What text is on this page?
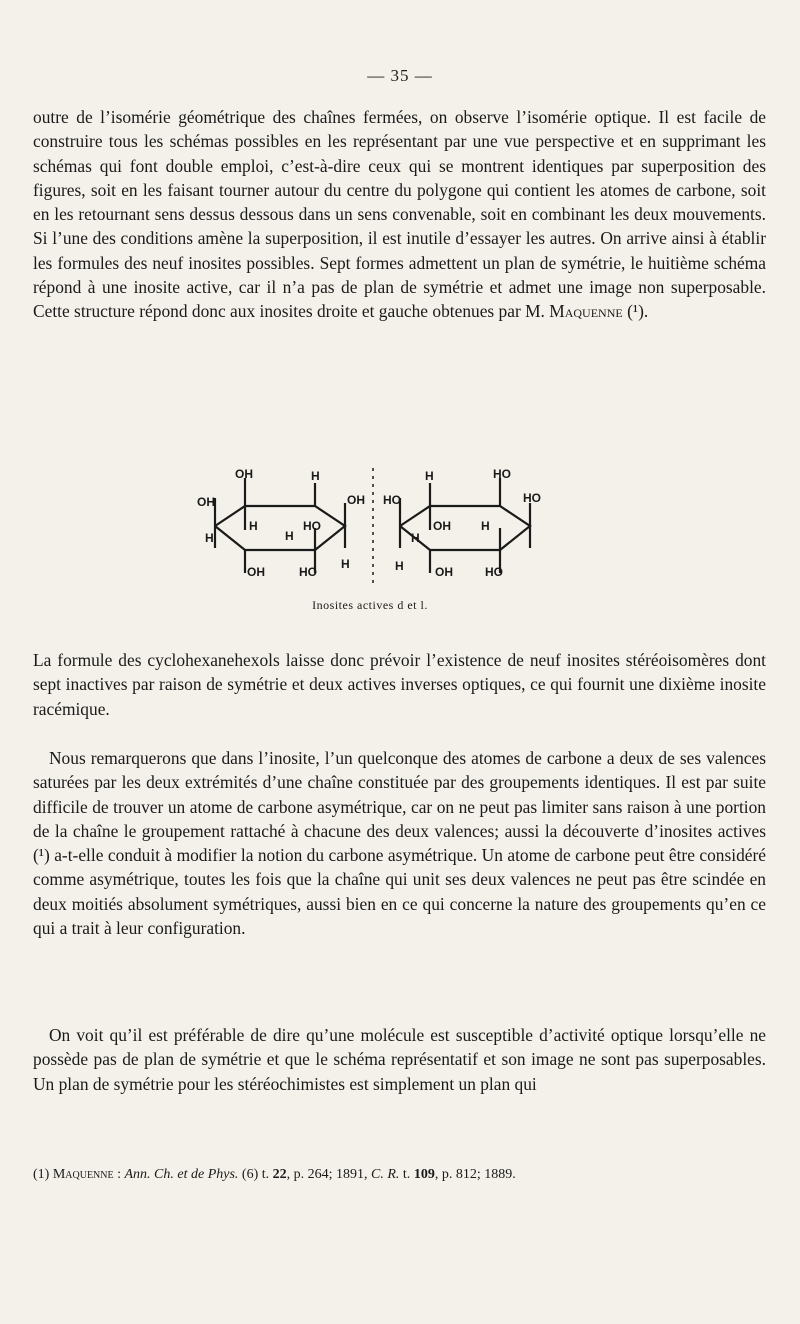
— 35 —

outre de l’isomérie géométrique des chaînes fermées, on observe l’isomérie optique. Il est facile de construire tous les schémas possibles en les représentant par une vue perspective et en supprimant les schémas qui font double emploi, c’est-à-dire ceux qui se montrent identiques par superposition des figures, soit en les faisant tourner autour du centre du polygone qui contient les atomes de carbone, soit en les retournant sens dessus dessous dans un sens convenable, soit en combinant les deux mouvements. Si l’une des conditions amène la superposition, il est inutile d’essayer les autres. On arrive ainsi à établir les formules des neuf inosites possibles. Sept formes admettent un plan de symétrie, le huitième schéma répond à une inosite active, car il n’a pas de plan de symétrie et admet une image non superposable. Cette structure répond donc aux inosites droite et gauche obtenues par M. Maquenne (¹).

OH	H
OH	OH
H	HO
H	H
OH	HO
H
H	HO
HO	HO
OH	H
H
H	OH	HO
Inosites actives d et l.

La formule des cyclohexanehexols laisse donc prévoir l’existence de neuf inosites stéréoisomères dont sept inactives par raison de symétrie et deux actives inverses optiques, ce qui fournit une dixième inosite racémique.

Nous remarquerons que dans l’inosite, l’un quelconque des atomes de carbone a deux de ses valences saturées par les deux extrémités d’une chaîne constituée par des groupements identiques. Il est par suite difficile de trouver un atome de carbone asymétrique, car on ne peut pas limiter sans raison à une portion de la chaîne le groupement rattaché à chacune des deux valences; aussi la découverte d’inosites actives (¹) a-t-elle conduit à modifier la notion du carbone asymétrique. Un atome de carbone peut être considéré comme asymétrique, toutes les fois que la chaîne qui unit ses deux valences ne peut pas être scindée en deux moitiés absolument symétriques, aussi bien en ce qui concerne la nature des groupements qu’en ce qui a trait à leur configuration.

On voit qu’il est préférable de dire qu’une molécule est susceptible d’activité optique lorsqu’elle ne possède pas de plan de symétrie et que le schéma représentatif et son image ne sont pas superposables. Un plan de symétrie pour les stéréochimistes est simplement un plan qui

(1) Maquenne : Ann. Ch. et de Phys. (6) t. 22, p. 264; 1891, C. R. t. 109, p. 812; 1889.
